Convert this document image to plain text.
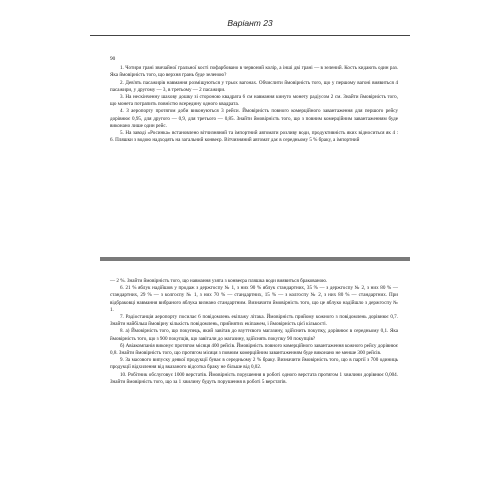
Варіант 23
90

1. Чотири грані звичайної гральної кості пофарбовано в червоний колір, а інші дві грані — в зелений. Кость кидають один раз. Яка ймовірність того, що верхня грань буде зеленою?

2. Дев'ять пасажирів навмання розміщуються у трьох вагонах. Обчислити ймовірність того, що у першому вагоні виявиться 4 пасажири, у другому — 3, в третьому — 2 пасажири.

3. На нескінченну шахову дошку зі стороною квадрата 6 см навмання кинуто монету радіусом 2 см. Знайти ймовірність того, що монета потрапить повністю всередину одного квадрата.

4. З аеропорту протягом доби виконуються 3 рейси. Ймовірність повного комерційного завантаження для першого рейсу дорівнює 0,95, для другого — 0,9, для третього — 0,85. Знайти ймовірність того, що з повним комерційним завантаженням буде виконано лише один рейс.

5. На заводі «Росинка» встановлено вітчизняний та імпортний автомати розливу води, продуктивність яких відноситься як 4 : 6. Пляшки з водою надходять на загальний конвеєр. Вітчизняний автомат дає в середньому 5 % браку, а імпортний

— 2 %. Знайти ймовірність того, що навмання узята з конвеєра пляшка води виявиться бракованою.

6. 21 % яблук надійшов у продаж з держгоспу № 1, з них 90 % яблук стандартних, 35 % — з держгоспу № 2, з них 80 % — стандартних, 29 % — з колгоспу № 1, з них 70 % — стандартних, 15 % — з колгоспу № 2, з них 80 % — стандартних. При відбраковці навмання вибраного яблука визнано стандартним. Визначити ймовірність того, що це яблуко надійшло з держгоспу № 1.

7. Радіостанція аеропорту посилає 6 повідомлень екіпажу літака. Ймовірність прийому кожного з повідомлень дорівнює 0,7. Знайти найбільш ймовірну кількість повідомлень, прийнятих екіпажем, і ймовірність цієї кількості.

8. а) Ймовірність того, що покупець, який завітав до взуттєвого магазину, здійснить покупку, дорівнює в середньому 0,1. Яка ймовірність того, що з 900 покупців, що завітали до магазину, здійснять покупку 90 покупців?

б) Авіакомпанія виконує протягом місяця 400 рейсів. Ймовірність повного комерційного завантаження кожного рейсу дорівнює 0,8. Знайти ймовірність того, що протягом місяця з повним комерційним завантаженням буде виконано не менше 300 рейсів.

9. За масового випуску деякої продукції буває в середньому 2 % браку. Визначити ймовірність того, що в партії з 700 одиниць продукції відхилення від вказаного відсотка браку не більше від 0,02.

10. Робітник обслуговує 1000 верстатів. Ймовірність порушення в роботі одного верстата протягом 1 хвилини дорівнює 0,004. Знайти ймовірність того, що за 1 хвилину будуть порушення в роботі 5 верстатів.
